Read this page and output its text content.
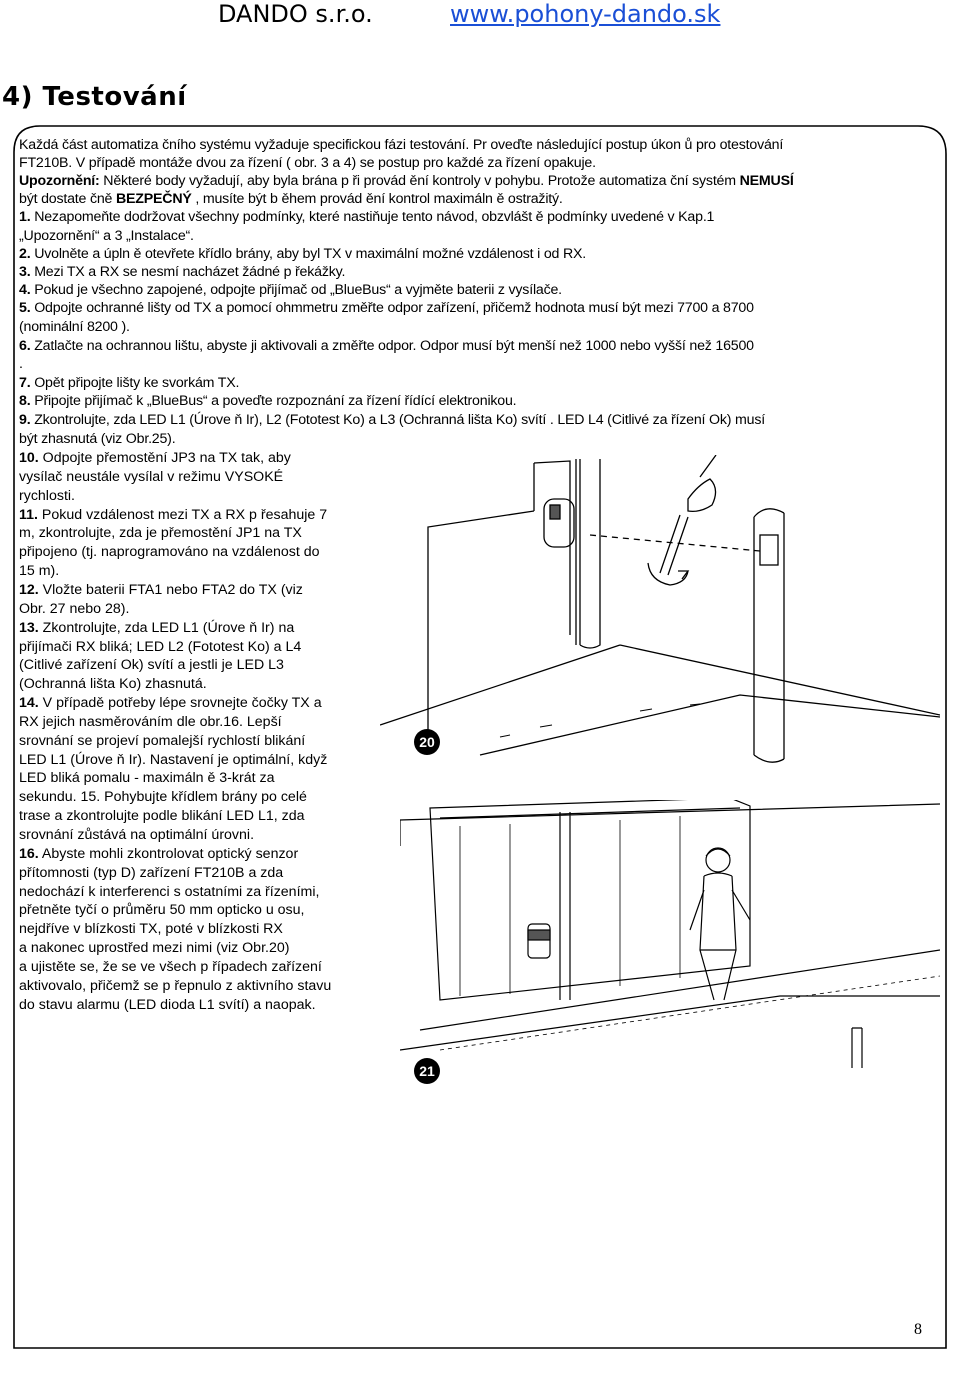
DANDO s.r.o.	www.pohony-dando.sk
4) Testování
Každá část automatiza čního systému vyžaduje specifickou fázi testování. Pr oveďte následující postup úkon ů pro otestování
FT210B. V případě montáže dvou za řízení ( obr. 3 a 4) se postup pro každé za řízení opakuje.
Upozornění: Některé body vyžadují, aby byla brána p ři provád ění kontroly v pohybu. Protože automatiza ční systém NEMUSÍ
být dostate čně BEZPEČNÝ , musíte být b ěhem provád ění kontrol maximáln ě ostražitý.
1. Nezapomeňte dodržovat všechny podmínky, které nastiňuje tento návod, obzvlášt ě podmínky uvedené v Kap.1
„Upozornění“ a 3 „Instalace“.
2. Uvolněte a úpln ě otevřete křídlo brány, aby byl TX v maximální možné vzdálenost i od RX.
3. Mezi TX a RX se nesmí nacházet žádné p řekážky.
4. Pokud je všechno zapojené, odpojte přijímač od „BlueBus“ a vyjměte baterii z vysílače.
5. Odpojte ochranné lišty od TX a pomocí ohmmetru změřte odpor zařízení, přičemž hodnota musí být mezi 7700 a 8700
(nominální 8200 ).
6. Zatlačte na ochrannou lištu, abyste ji aktivovali a změřte odpor. Odpor musí být menší než 1000 nebo vyšší než 16500
.
7. Opět připojte lišty ke svorkám TX.
8. Připojte přijímač k „BlueBus“ a poveďte rozpoznání za řízení řídící elektronikou.
9. Zkontrolujte, zda LED L1 (Úrove ň Ir), L2 (Fototest Ko) a L3 (Ochranná lišta Ko) svítí . LED L4 (Citlivé za řízení Ok) musí
být zhasnutá (viz Obr.25).
10. Odpojte přemostění JP3 na TX tak, aby
vysílač neustále vysílal v režimu VYSOKÉ
rychlosti.
11. Pokud vzdálenost mezi TX a RX p řesahuje 7
m, zkontrolujte, zda je přemostění JP1 na TX
připojeno (tj. naprogramováno na vzdálenost do
15 m).
12. Vložte baterii FTA1 nebo FTA2 do TX (viz
Obr. 27 nebo 28).
13. Zkontrolujte, zda LED L1 (Úrove ň Ir) na
přijímači RX bliká; LED L2 (Fototest Ko) a L4
(Citlivé zařízení Ok) svítí a jestli je LED L3
(Ochranná lišta Ko) zhasnutá.
14. V případě potřeby lépe srovnejte čočky TX a
RX jejich nasměrováním dle obr.16. Lepší
srovnání se projeví pomalejší rychlostí blikání
LED L1 (Úrove ň Ir). Nastavení je optimální, když
LED bliká pomalu - maximáln ě 3-krát za
sekundu. 15. Pohybujte křídlem brány po celé
trase a zkontrolujte podle blikání LED L1, zda
srovnání zůstává na optimální úrovni.
16. Abyste mohli zkontrolovat optický senzor
přítomnosti (typ D) zařízení FT210B a zda
nedochází k interferenci s ostatními za řízeními,
přetněte tyčí o průměru 50 mm opticko u osu,
nejdříve v blízkosti TX, poté v blízkosti RX
a nakonec uprostřed mezi nimi (viz Obr.20)
a ujistěte se, že se ve všech p řípadech zařízení
aktivovalo, přičemž se p řepnulo z aktivního stavu
do stavu alarmu (LED dioda L1 svítí) a naopak.
20
21
8
